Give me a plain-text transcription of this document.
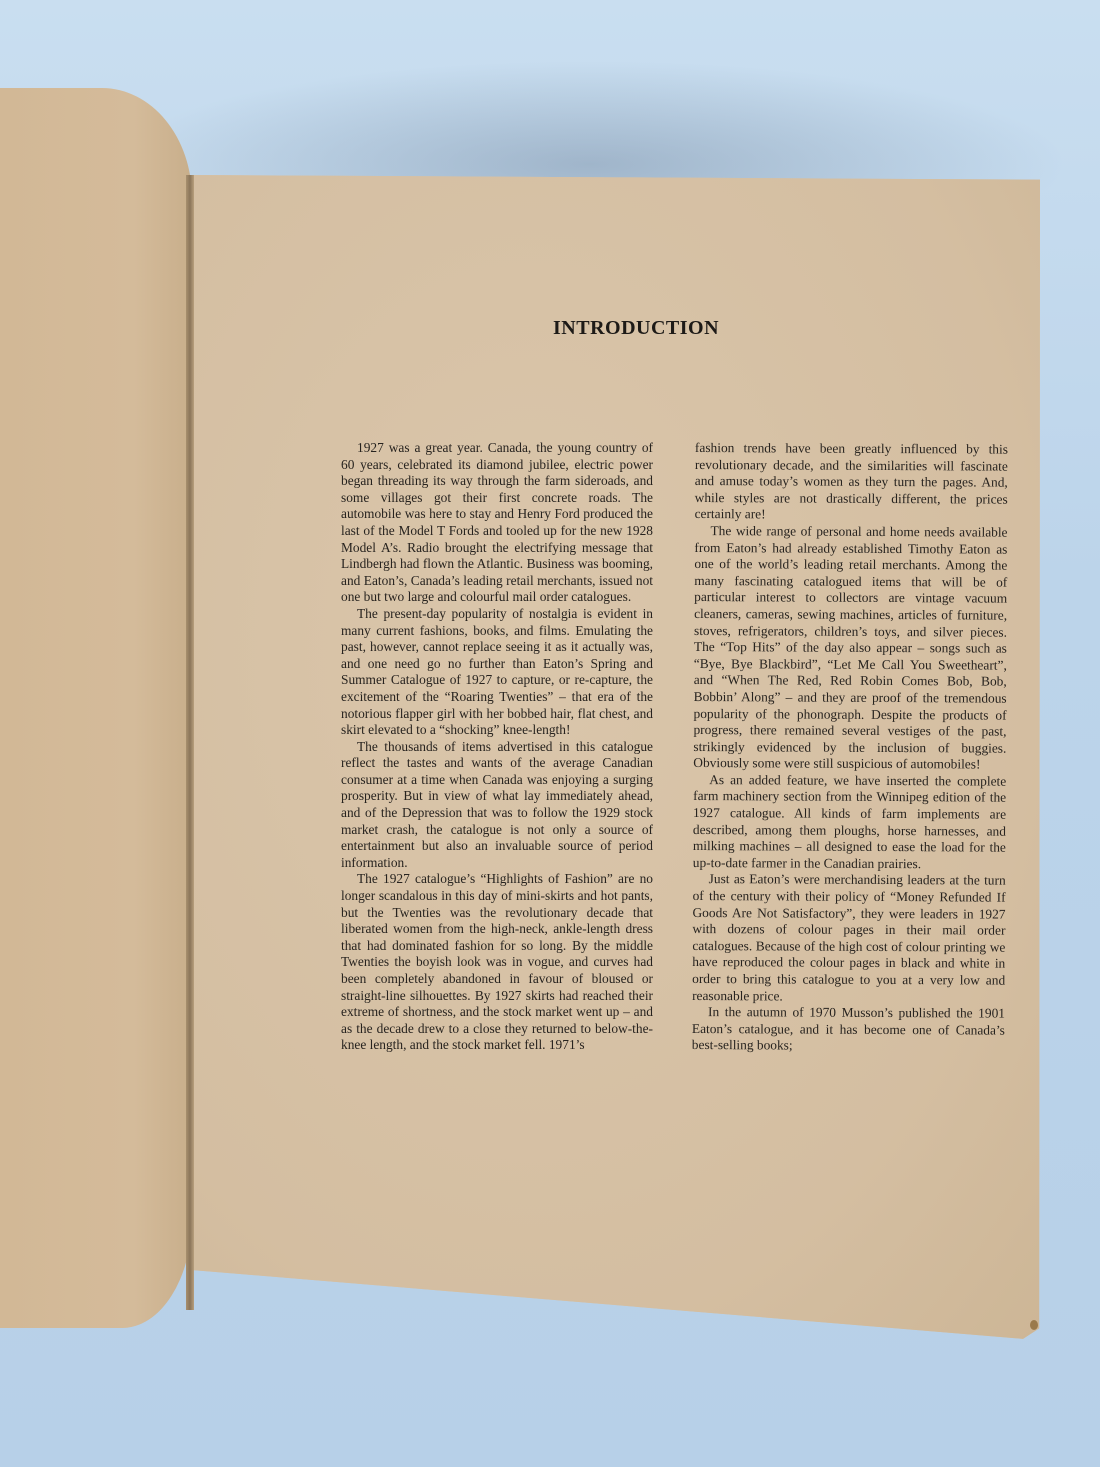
INTRODUCTION

1927 was a great year. Canada, the young country of 60 years, celebrated its diamond jubilee, electric power began threading its way through the farm sideroads, and some villages got their first concrete roads. The automobile was here to stay and Henry Ford produced the last of the Model T Fords and tooled up for the new 1928 Model A’s. Radio brought the electrifying message that Lindbergh had flown the Atlantic. Business was booming, and Eaton’s, Canada’s leading retail merchants, issued not one but two large and colourful mail order catalogues.

The present-day popularity of nostalgia is evident in many current fashions, books, and films. Emulating the past, however, cannot replace seeing it as it actually was, and one need go no further than Eaton’s Spring and Summer Catalogue of 1927 to capture, or re-capture, the excitement of the “Roaring Twenties” – that era of the notorious flapper girl with her bobbed hair, flat chest, and skirt elevated to a “shocking” knee-length!

The thousands of items advertised in this catalogue reflect the tastes and wants of the average Canadian consumer at a time when Canada was enjoying a surging prosperity. But in view of what lay immediately ahead, and of the Depression that was to follow the 1929 stock market crash, the catalogue is not only a source of entertainment but also an invaluable source of period information.

The 1927 catalogue’s “Highlights of Fashion” are no longer scandalous in this day of mini-skirts and hot pants, but the Twenties was the revolutionary decade that liberated women from the high-neck, ankle-length dress that had dominated fashion for so long. By the middle Twenties the boyish look was in vogue, and curves had been completely abandoned in favour of bloused or straight-line silhouettes. By 1927 skirts had reached their extreme of shortness, and the stock market went up – and as the decade drew to a close they returned to below-the-knee length, and the stock market fell. 1971’s

fashion trends have been greatly influenced by this revolutionary decade, and the similarities will fascinate and amuse today’s women as they turn the pages. And, while styles are not drastically different, the prices certainly are!

The wide range of personal and home needs available from Eaton’s had already established Timothy Eaton as one of the world’s leading retail merchants. Among the many fascinating catalogued items that will be of particular interest to collectors are vintage vacuum cleaners, cameras, sewing machines, articles of furniture, stoves, refrigerators, children’s toys, and silver pieces. The “Top Hits” of the day also appear – songs such as “Bye, Bye Blackbird”, “Let Me Call You Sweetheart”, and “When The Red, Red Robin Comes Bob, Bob, Bobbin’ Along” – and they are proof of the tremendous popularity of the phonograph. Despite the products of progress, there remained several vestiges of the past, strikingly evidenced by the inclusion of buggies. Obviously some were still suspicious of automobiles!

As an added feature, we have inserted the complete farm machinery section from the Winnipeg edition of the 1927 catalogue. All kinds of farm implements are described, among them ploughs, horse harnesses, and milking machines – all designed to ease the load for the up-to-date farmer in the Canadian prairies.

Just as Eaton’s were merchandising leaders at the turn of the century with their policy of “Money Refunded If Goods Are Not Satisfactory”, they were leaders in 1927 with dozens of colour pages in their mail order catalogues. Because of the high cost of colour printing we have reproduced the colour pages in black and white in order to bring this catalogue to you at a very low and reasonable price.

In the autumn of 1970 Musson’s published the 1901 Eaton’s catalogue, and it has become one of Canada’s best-selling books;
